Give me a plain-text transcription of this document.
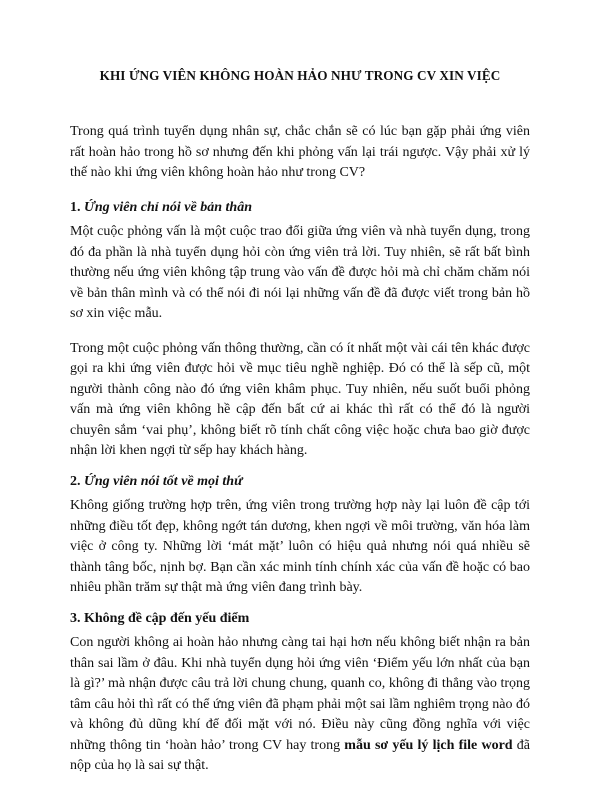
KHI ỨNG VIÊN KHÔNG HOÀN HẢO NHƯ TRONG CV XIN VIỆC

Trong quá trình tuyển dụng nhân sự, chắc chắn sẽ có lúc bạn gặp phải ứng viên rất hoàn hảo trong hồ sơ nhưng đến khi phỏng vấn lại trái ngược. Vậy phải xử lý thế nào khi ứng viên không hoàn hảo như trong CV?

1. Ứng viên chỉ nói về bản thân

Một cuộc phỏng vấn là một cuộc trao đổi giữa ứng viên và nhà tuyển dụng, trong đó đa phần là nhà tuyển dụng hỏi còn ứng viên trả lời. Tuy nhiên, sẽ rất bất bình thường nếu ứng viên không tập trung vào vấn đề được hỏi mà chỉ chăm chăm nói về bản thân mình và có thể nói đi nói lại những vấn đề đã được viết trong bản hồ sơ xin việc mẫu.

Trong một cuộc phỏng vấn thông thường, cần có ít nhất một vài cái tên khác được gọi ra khi ứng viên được hỏi về mục tiêu nghề nghiệp. Đó có thể là sếp cũ, một người thành công nào đó ứng viên khâm phục. Tuy nhiên, nếu suốt buổi phỏng vấn mà ứng viên không hề cập đến bất cứ ai khác thì rất có thể đó là người chuyên sắm ‘vai phụ’, không biết rõ tính chất công việc hoặc chưa bao giờ được nhận lời khen ngợi từ sếp hay khách hàng.

2. Ứng viên nói tốt về mọi thứ

Không giống trường hợp trên, ứng viên trong trường hợp này lại luôn đề cập tới những điều tốt đẹp, không ngớt tán dương, khen ngợi về môi trường, văn hóa làm việc ở công ty. Những lời ‘mát mặt’ luôn có hiệu quả nhưng nói quá nhiều sẽ thành tâng bốc, nịnh bợ. Bạn cần xác minh tính chính xác của vấn đề hoặc có bao nhiêu phần trăm sự thật mà ứng viên đang trình bày.

3. Không đề cập đến yếu điểm

Con người không ai hoàn hảo nhưng càng tai hại hơn nếu không biết nhận ra bản thân sai lầm ở đâu. Khi nhà tuyển dụng hỏi ứng viên ‘Điểm yếu lớn nhất của bạn là gì?’ mà nhận được câu trả lời chung chung, quanh co, không đi thẳng vào trọng tâm câu hỏi thì rất có thể ứng viên đã phạm phải một sai lầm nghiêm trọng nào đó và không đủ dũng khí để đối mặt với nó. Điều này cũng đồng nghĩa với việc những thông tin ‘hoàn hảo’ trong CV hay trong mẫu sơ yếu lý lịch file word đã nộp của họ là sai sự thật.
